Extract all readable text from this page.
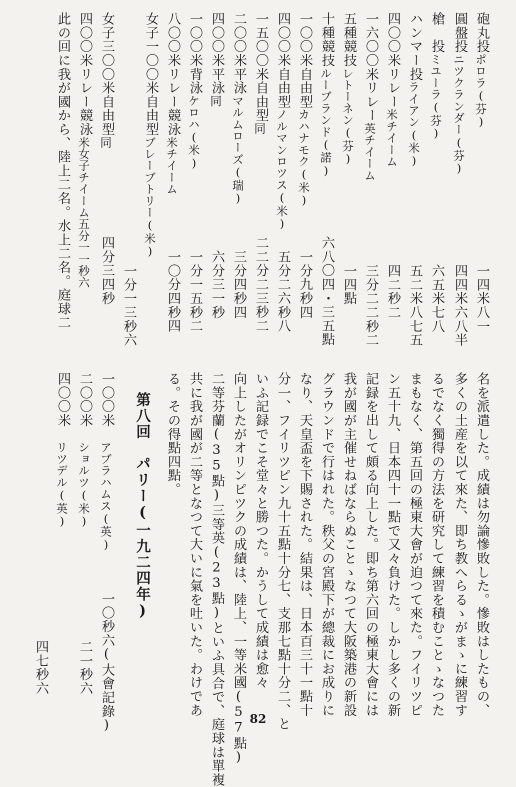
砲丸投ポロラ(芬)
一四米八一
圓盤投ニツクランダー(芬)
四四米六八半
槍　投ミユーラ(芬)
六五米七八
ハンマー投ライアン(米)
五二米八七五
四〇〇米リレー米チイーム
四二秒二
一六〇〇米リレー英チイーム
三分二二秒二
五種競技レトーネン(芬)
一四點
十種競技ルーブランド(諾)
六八〇四・三五點
一〇〇米自由型カハナモク(米)
一分九秒四
四〇〇米自由型ノルマンロツス(米)
五分二六秒八
一五〇〇米自由型同
二二分二三秒二
二〇〇米平泳マルムローズ(瑞)
三分四秒四
四〇〇米平泳同
六分三一秒
一〇〇米背泳ケロハ(米)
一分一五秒二
八〇〇米リレー競泳米チイーム
一〇分四秒四
女子一〇〇米自由型ブレーブトリー(米)
一分一三秒六
女子三〇〇米自由型同
四分三四秒
四〇〇米リレー競泳米女子チイーム五分一一秒六
此の回に我が國から、陸上二名。水上二名。庭球二
名を派遣した。成績は勿論慘敗した。慘敗はしたもの、
多くの土産を以て來た、即ち教へらるゝがまゝに練習す
るでなく獨得の方法を研究して練習を積むことゝなつた
まもなく、第五回の極東大會が迫つて來た。フイリツピ
ン五十九、日本四十一點で又々負けた。しかし多くの新
記録を出して頗る向上した。即ち第六回の極東大會には
我が國が主催せねばならぬことゝなつて大阪築港の新設
グラウンドで行はれた。秩父の宮殿下が總裁にお成りに
なり、天皇盃を下賜された。結果は、日本百三十一點十
分一、フイリツピン九十五點十分七、支那七點十分二、と
いふ記録でこそ堂々と勝つた。かうして成績は愈々
向上したがオリンピツクの成績は、陸上、一等米國(57點)
二等芬蘭(35點)三等英(23點)といふ具合で、庭球は單複
共に我が國が二等となつて大いに氣を吐いた。わけであ
る。その得點四點。
第八回　パリー(一九二四年)
一〇〇米アブラハムス(英)
一〇秒六(大會記錄)
二〇〇米ショルツ(米)
二一秒六
四〇〇米リツデル(英)
四七秒六
82
